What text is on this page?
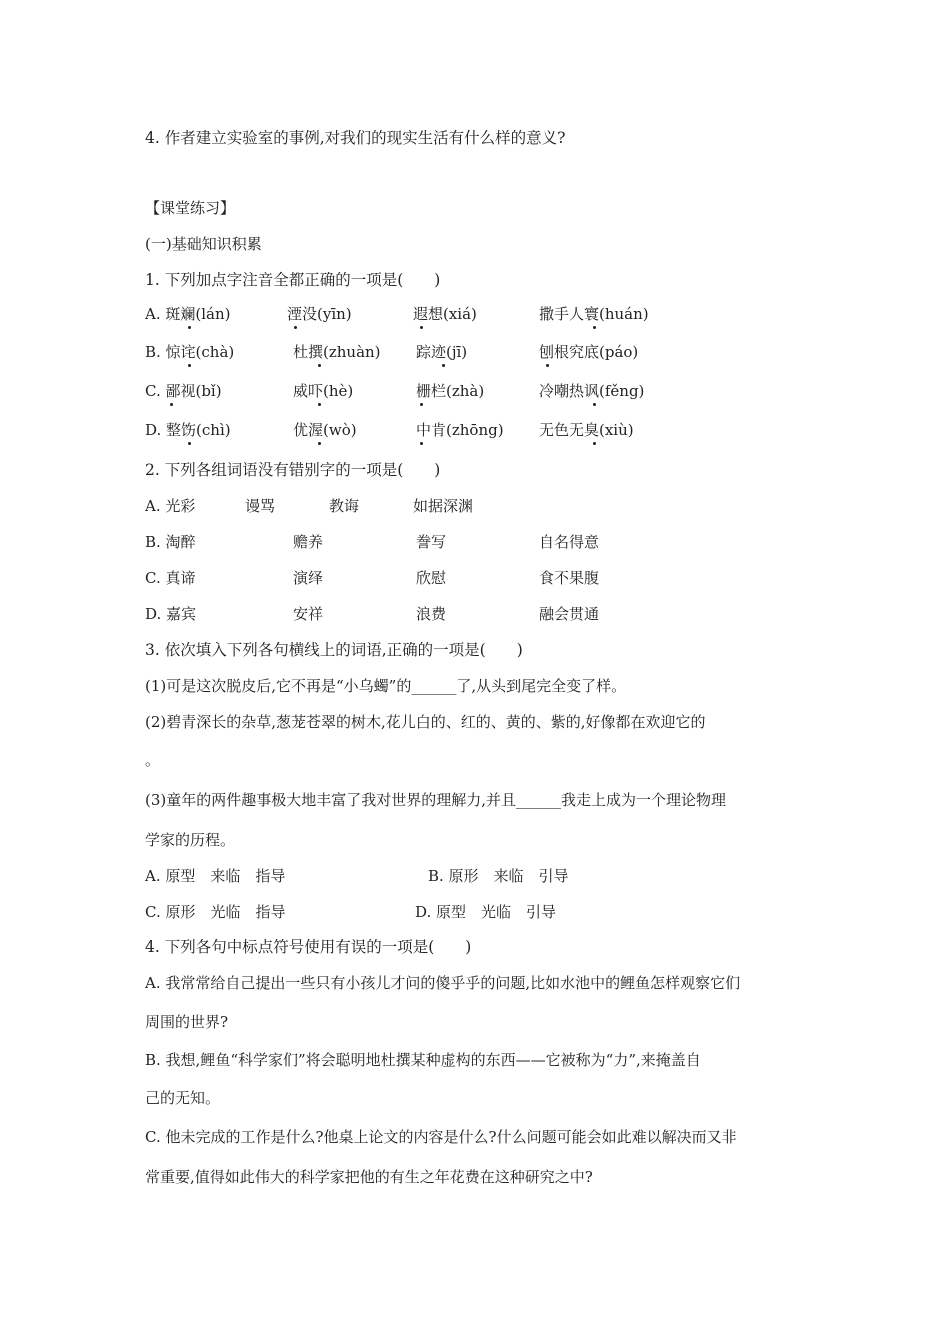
4. 作者建立实验室的事例,对我们的现实生活有什么样的意义?
【课堂练习】
(一)基础知识积累
1. 下列加点字注音全都正确的一项是(　　)
A. 斑斓(lán)	湮没(yīn)	遐想(xiá)	撒手人寰(huán)
B. 惊诧(chà)	杜撰(zhuàn) 踪迹(jī)	刨根究底(páo)
C. 鄙视(bǐ)	威吓(hè)	栅栏(zhà)	冷嘲热讽(fěng)
D. 整饬(chì)	优渥(wò)	中肯(zhōng) 无色无臭(xiù)
2. 下列各组词语没有错别字的一项是(　　)
A. 光彩	谩骂	教诲	如据深渊
B. 淘醉	赡养	誊写	自名得意
C. 真谛	演绎	欣慰	食不果腹
D. 嘉宾	安祥	浪费	融会贯通
3. 依次填入下列各句横线上的词语,正确的一项是(　　)
(1)可是这次脱皮后,它不再是“小乌蠋”的______了,从头到尾完全变了样。
(2)碧青深长的杂草,葱茏苍翠的树木,花儿白的、红的、黄的、紫的,好像都在欢迎它的
。
(3)童年的两件趣事极大地丰富了我对世界的理解力,并且______我走上成为一个理论物理
学家的历程。
A. 原型　来临　指导	B. 原形　来临　引导
C. 原形　光临　指导	D. 原型　光临　引导
4. 下列各句中标点符号使用有误的一项是(　　)
A. 我常常给自己提出一些只有小孩儿才问的傻乎乎的问题,比如水池中的鲤鱼怎样观察它们
周围的世界?
B. 我想,鲤鱼“科学家们”将会聪明地杜撰某种虚构的东西——它被称为“力”,来掩盖自
己的无知。
C. 他未完成的工作是什么?他桌上论文的内容是什么?什么问题可能会如此难以解决而又非
常重要,值得如此伟大的科学家把他的有生之年花费在这种研究之中?
